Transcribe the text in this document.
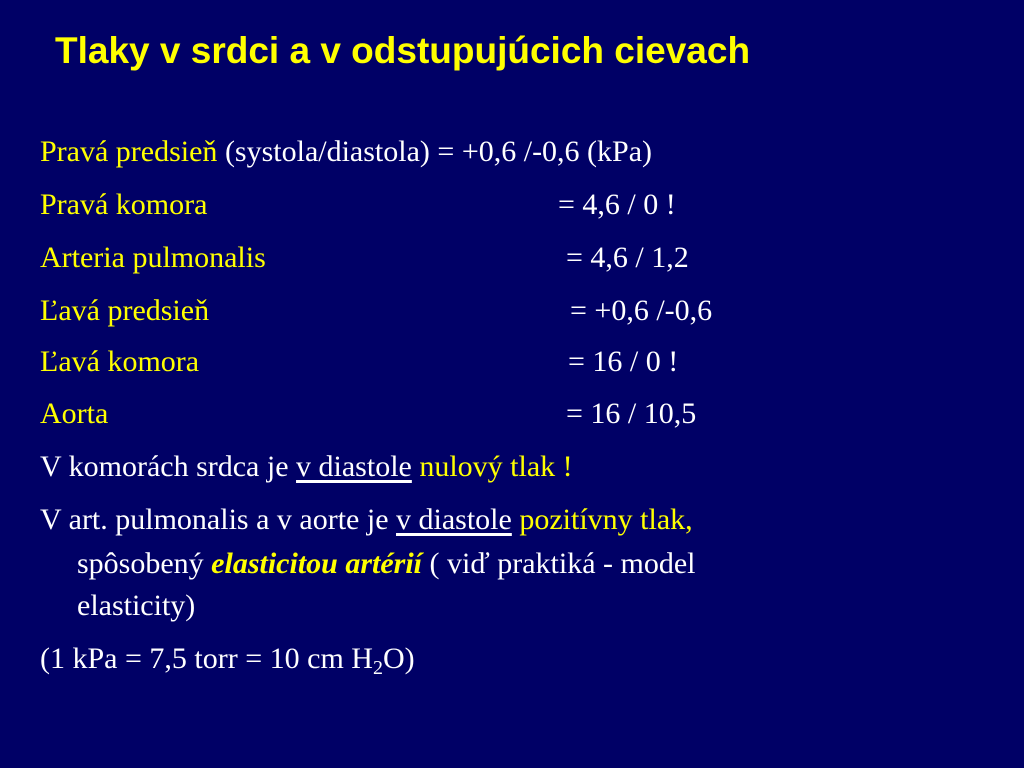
Tlaky v srdci a v odstupujúcich cievach
Pravá predsieň (systola/diastola) = +0,6 /-0,6 (kPa)
Pravá komora	= 4,6 / 0 !
Arteria pulmonalis	= 4,6 / 1,2
Ľavá predsieň	= +0,6 /-0,6
Ľavá komora	= 16 / 0 !
Aorta	= 16 / 10,5
V komorách srdca je v diastole nulový tlak !
V art. pulmonalis a v aorte je v diastole pozitívny tlak,
spôsobený elasticitou artérií ( viď praktiká - model
elasticity)
(1 kPa = 7,5 torr = 10 cm $H_2O$)
